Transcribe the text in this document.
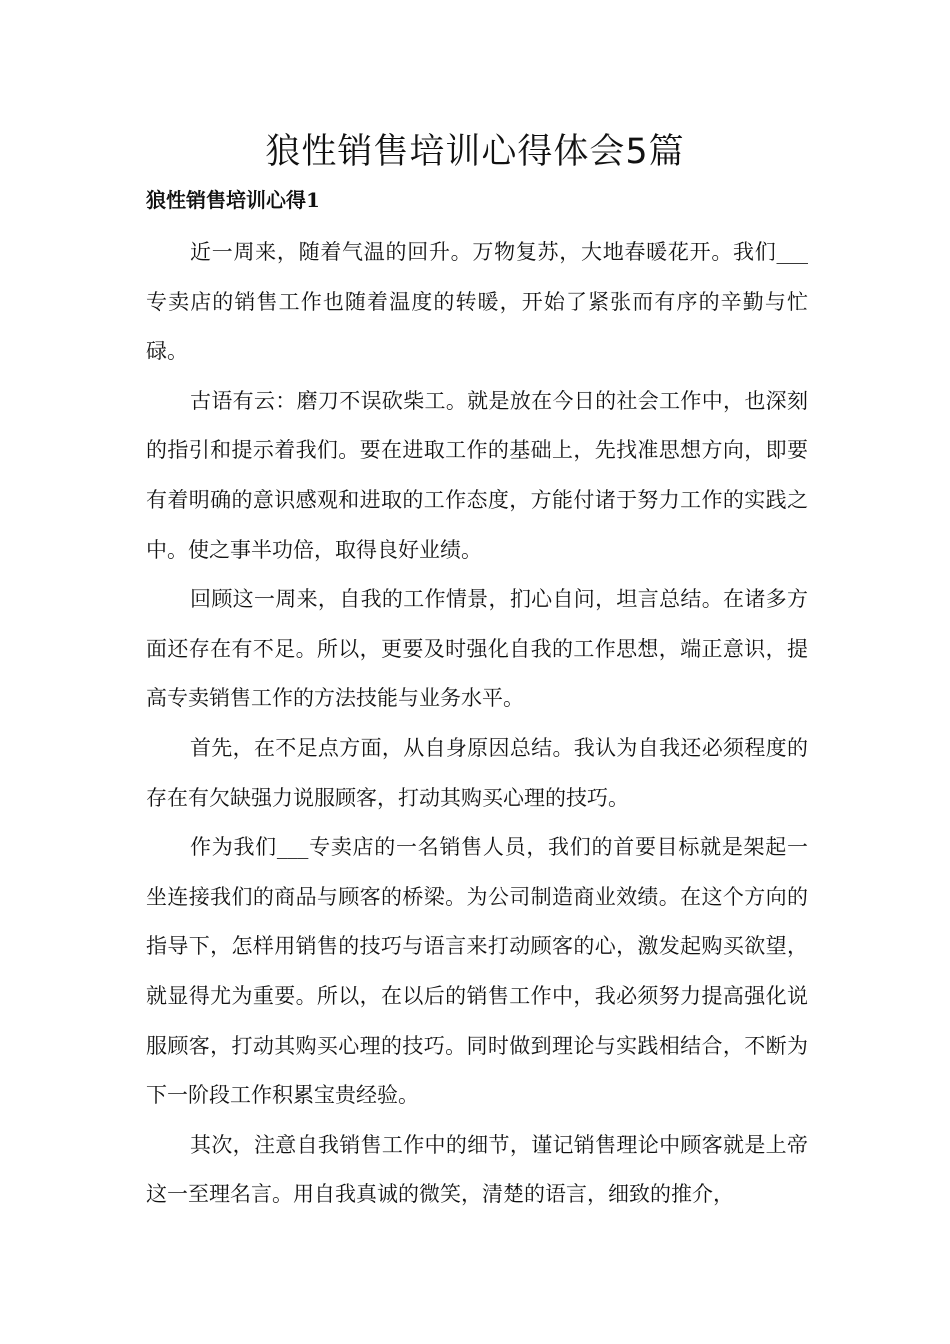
狼性销售培训心得体会5篇
狼性销售培训心得1

近一周来，随着气温的回升。万物复苏，大地春暖花开。我们___专卖店的销售工作也随着温度的转暖，开始了紧张而有序的辛勤与忙碌。

古语有云：磨刀不误砍柴工。就是放在今日的社会工作中，也深刻的指引和提示着我们。要在进取工作的基础上，先找准思想方向，即要有着明确的意识感观和进取的工作态度，方能付诸于努力工作的实践之中。使之事半功倍，取得良好业绩。

回顾这一周来，自我的工作情景，扪心自问，坦言总结。在诸多方面还存在有不足。所以，更要及时强化自我的工作思想，端正意识，提高专卖销售工作的方法技能与业务水平。

首先，在不足点方面，从自身原因总结。我认为自我还必须程度的存在有欠缺强力说服顾客，打动其购买心理的技巧。

作为我们___专卖店的一名销售人员，我们的首要目标就是架起一坐连接我们的商品与顾客的桥梁。为公司制造商业效绩。在这个方向的指导下，怎样用销售的技巧与语言来打动顾客的心，激发起购买欲望，就显得尤为重要。所以，在以后的销售工作中，我必须努力提高强化说服顾客，打动其购买心理的技巧。同时做到理论与实践相结合，不断为下一阶段工作积累宝贵经验。

其次，注意自我销售工作中的细节，谨记销售理论中顾客就是上帝这一至理名言。用自我真诚的微笑，清楚的语言，细致的推介，
